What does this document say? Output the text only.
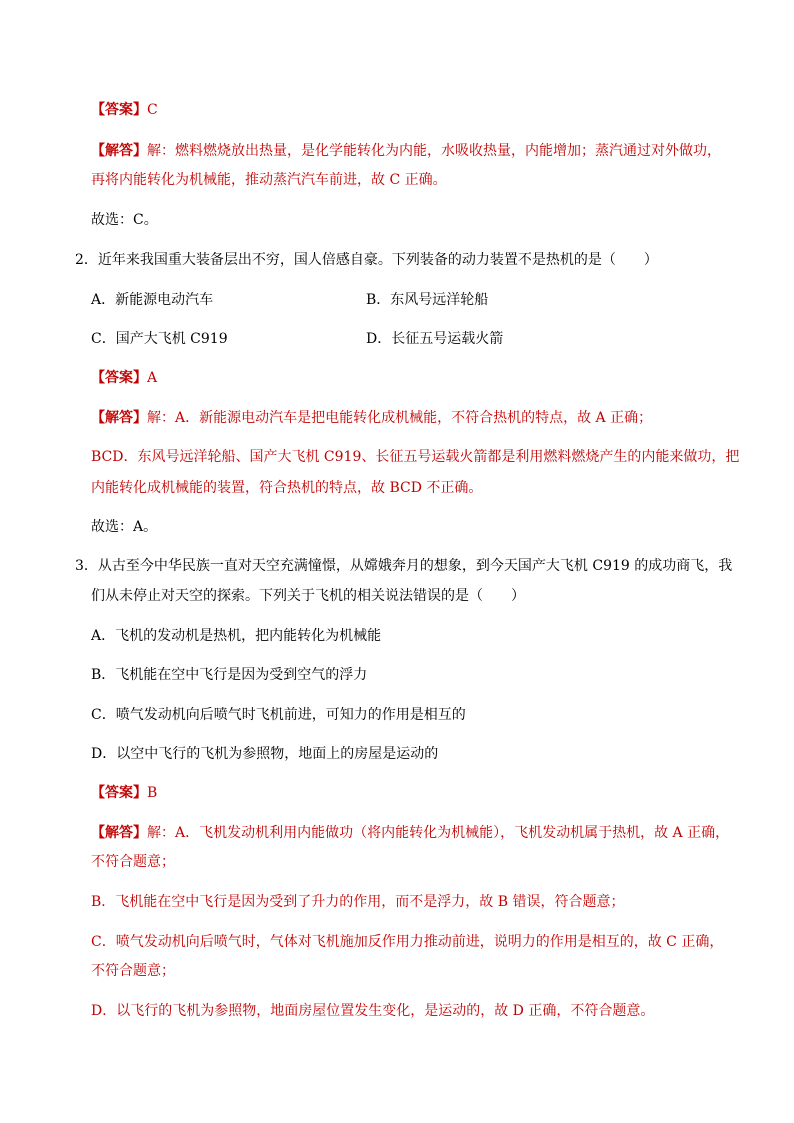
【答案】C
【解答】解：燃料燃烧放出热量，是化学能转化为内能，水吸收热量，内能增加；蒸汽通过对外做功，
再将内能转化为机械能，推动蒸汽汽车前进，故 C 正确。
故选：C。
2．近年来我国重大装备层出不穷，国人倍感自豪。下列装备的动力装置不是热机的是（　　）
A．新能源电动汽车	B．东风号远洋轮船
C．国产大飞机 C919	D．长征五号运载火箭
【答案】A
【解答】解：A．新能源电动汽车是把电能转化成机械能，不符合热机的特点，故 A 正确；
BCD．东风号远洋轮船、国产大飞机 C919、长征五号运载火箭都是利用燃料燃烧产生的内能来做功，把
内能转化成机械能的装置，符合热机的特点，故 BCD 不正确。
故选：A。
3．从古至今中华民族一直对天空充满憧憬，从嫦娥奔月的想象，到今天国产大飞机 C919 的成功商飞，我
们从未停止对天空的探索。下列关于飞机的相关说法错误的是（　　）
A．飞机的发动机是热机，把内能转化为机械能
B．飞机能在空中飞行是因为受到空气的浮力
C．喷气发动机向后喷气时飞机前进，可知力的作用是相互的
D．以空中飞行的飞机为参照物，地面上的房屋是运动的
【答案】B
【解答】解：A．飞机发动机利用内能做功（将内能转化为机械能），飞机发动机属于热机，故 A 正确，
不符合题意；
B．飞机能在空中飞行是因为受到了升力的作用，而不是浮力，故 B 错误，符合题意；
C．喷气发动机向后喷气时，气体对飞机施加反作用力推动前进，说明力的作用是相互的，故 C 正确，
不符合题意；
D．以飞行的飞机为参照物，地面房屋位置发生变化，是运动的，故 D 正确，不符合题意。
